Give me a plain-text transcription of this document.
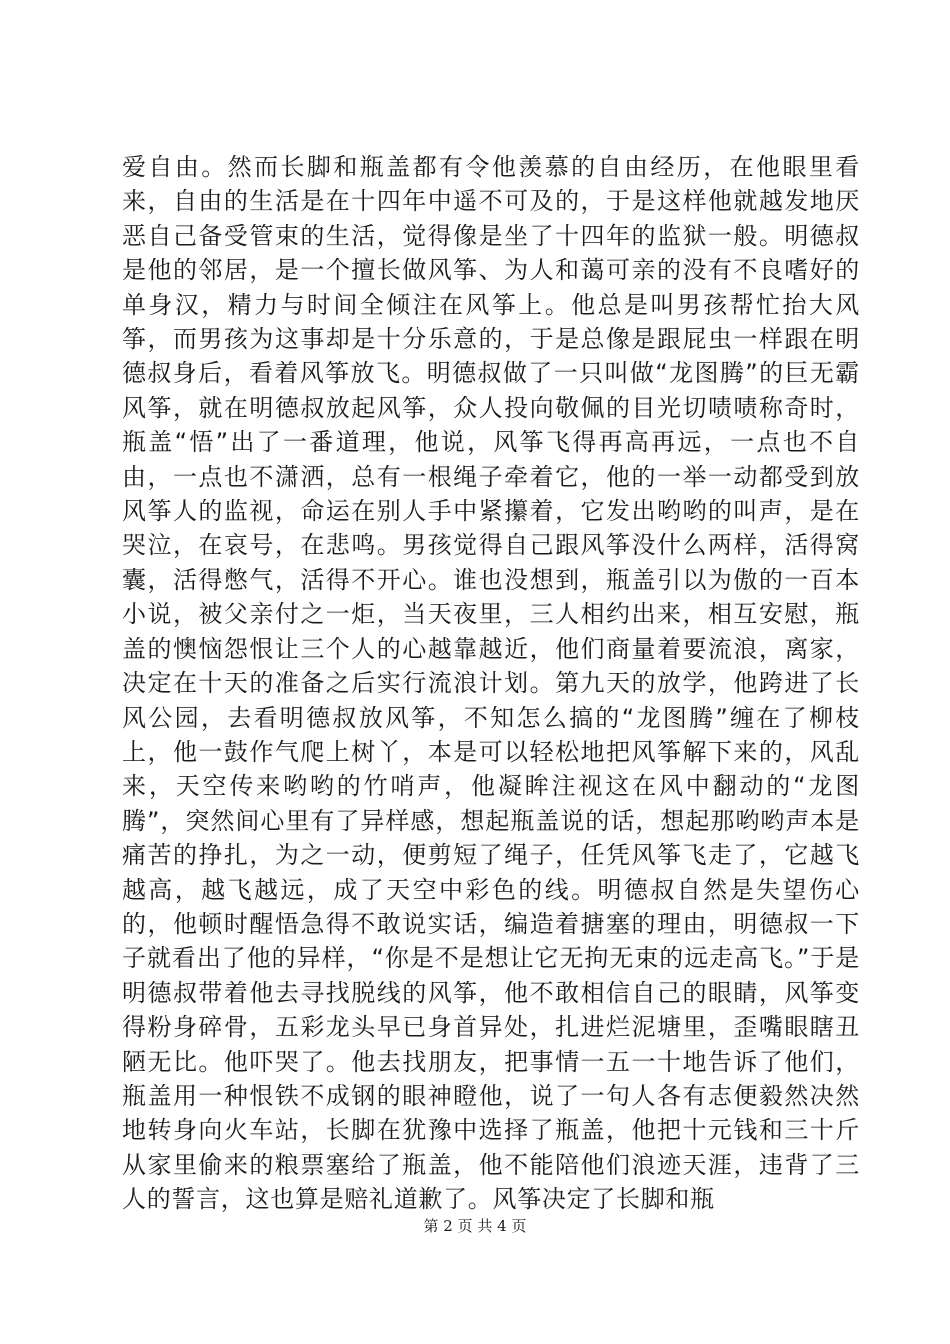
爱自由。然而长脚和瓶盖都有令他羡慕的自由经历，在他眼里看来，自由的生活是在十四年中遥不可及的，于是这样他就越发地厌恶自己备受管束的生活，觉得像是坐了十四年的监狱一般。明德叔是他的邻居，是一个擅长做风筝、为人和蔼可亲的没有不良嗜好的单身汉，精力与时间全倾注在风筝上。他总是叫男孩帮忙抬大风筝，而男孩为这事却是十分乐意的，于是总像是跟屁虫一样跟在明德叔身后，看着风筝放飞。明德叔做了一只叫做“龙图腾”的巨无霸风筝，就在明德叔放起风筝，众人投向敬佩的目光切啧啧称奇时，瓶盖“悟”出了一番道理，他说，风筝飞得再高再远，一点也不自由，一点也不潇洒，总有一根绳子牵着它，他的一举一动都受到放风筝人的监视，命运在别人手中紧攥着，它发出哟哟的叫声，是在哭泣，在哀号，在悲鸣。男孩觉得自己跟风筝没什么两样，活得窝囊，活得憋气，活得不开心。谁也没想到，瓶盖引以为傲的一百本小说，被父亲付之一炬，当天夜里，三人相约出来，相互安慰，瓶盖的懊恼怨恨让三个人的心越靠越近，他们商量着要流浪，离家，决定在十天的准备之后实行流浪计划。第九天的放学，他跨进了长风公园，去看明德叔放风筝，不知怎么搞的“龙图腾”缠在了柳枝上，他一鼓作气爬上树丫，本是可以轻松地把风筝解下来的，风乱来，天空传来哟哟的竹哨声，他凝眸注视这在风中翻动的“龙图腾”，突然间心里有了异样感，想起瓶盖说的话，想起那哟哟声本是痛苦的挣扎，为之一动，便剪短了绳子，任凭风筝飞走了，它越飞越高，越飞越远，成了天空中彩色的线。明德叔自然是失望伤心的，他顿时醒悟急得不敢说实话，编造着搪塞的理由，明德叔一下子就看出了他的异样，“你是不是想让它无拘无束的远走高飞。”于是明德叔带着他去寻找脱线的风筝，他不敢相信自己的眼睛，风筝变得粉身碎骨，五彩龙头早已身首异处，扎进烂泥塘里，歪嘴眼瞎丑陋无比。他吓哭了。他去找朋友，把事情一五一十地告诉了他们，瓶盖用一种恨铁不成钢的眼神瞪他，说了一句人各有志便毅然决然地转身向火车站，长脚在犹豫中选择了瓶盖，他把十元钱和三十斤从家里偷来的粮票塞给了瓶盖，他不能陪他们浪迹天涯，违背了三人的誓言，这也算是赔礼道歉了。风筝决定了长脚和瓶

第 2 页 共 4 页
